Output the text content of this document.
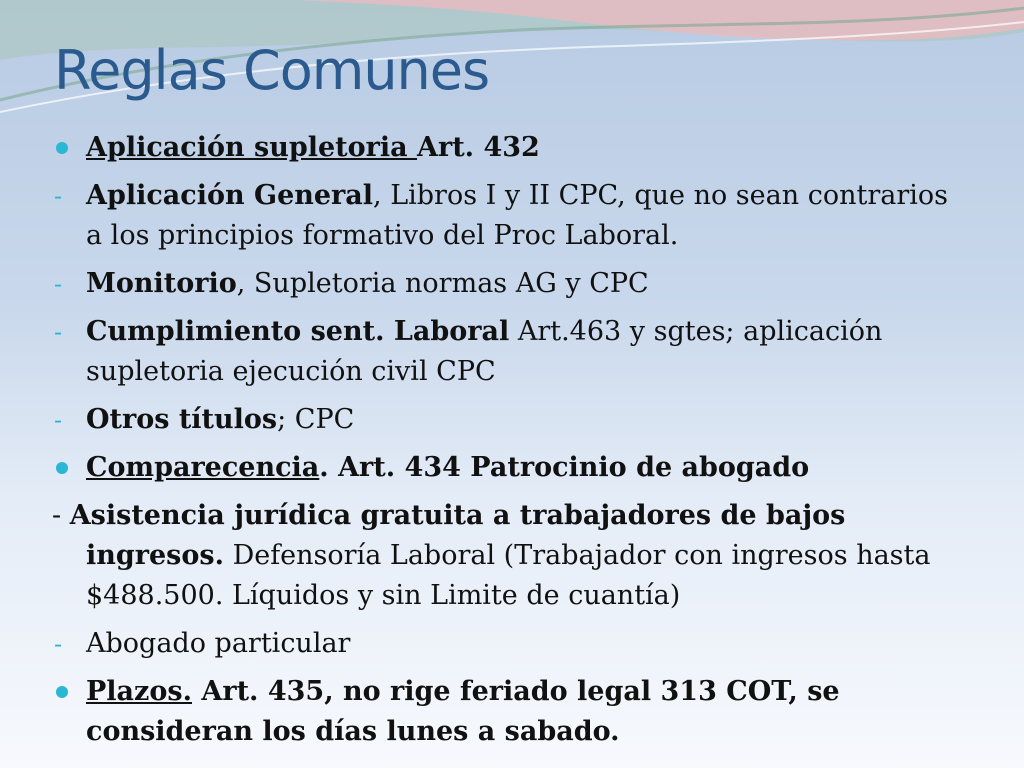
Reglas Comunes
Aplicación supletoria Art. 432
- Aplicación General, Libros I y II CPC, que no sean contrarios a los principios formativo del Proc Laboral.
- Monitorio, Supletoria normas AG y CPC
- Cumplimiento sent. Laboral Art.463 y sgtes; aplicación supletoria ejecución civil CPC
- Otros títulos; CPC
Comparecencia. Art. 434 Patrocinio de abogado
- Asistencia jurídica gratuita a trabajadores de bajos ingresos. Defensoría Laboral (Trabajador con ingresos hasta $488.500. Líquidos y sin Limite de cuantía)
- Abogado particular
Plazos. Art. 435, no rige feriado legal 313 COT, se consideran los días lunes a sabado.
